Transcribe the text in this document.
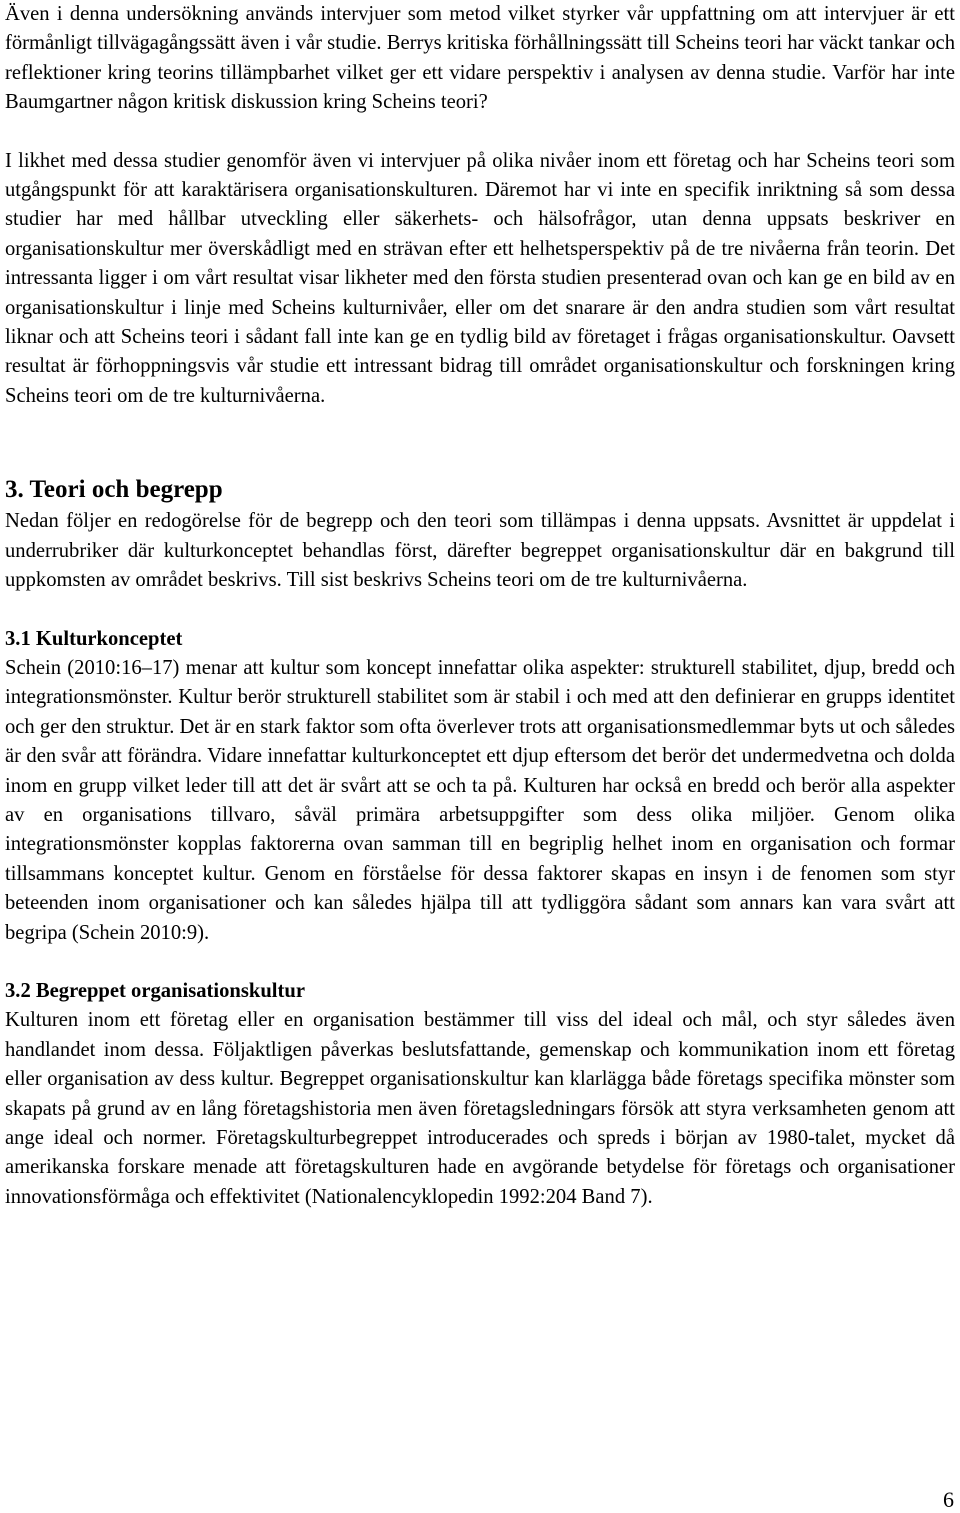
Även i denna undersökning används intervjuer som metod vilket styrker vår uppfattning om att intervjuer är ett förmånligt tillvägagångssätt även i vår studie. Berrys kritiska förhållningssätt till Scheins teori har väckt tankar och reflektioner kring teorins tillämpbarhet vilket ger ett vidare perspektiv i analysen av denna studie. Varför har inte Baumgartner någon kritisk diskussion kring Scheins teori?

I likhet med dessa studier genomför även vi intervjuer på olika nivåer inom ett företag och har Scheins teori som utgångspunkt för att karaktärisera organisationskulturen. Däremot har vi inte en specifik inriktning så som dessa studier har med hållbar utveckling eller säkerhets- och hälsofrågor, utan denna uppsats beskriver en organisationskultur mer överskådligt med en strävan efter ett helhetsperspektiv på de tre nivåerna från teorin. Det intressanta ligger i om vårt resultat visar likheter med den första studien presenterad ovan och kan ge en bild av en organisationskultur i linje med Scheins kulturnivåer, eller om det snarare är den andra studien som vårt resultat liknar och att Scheins teori i sådant fall inte kan ge en tydlig bild av företaget i frågas organisationskultur. Oavsett resultat är förhoppningsvis vår studie ett intressant bidrag till området organisationskultur och forskningen kring Scheins teori om de tre kulturnivåerna.

3. Teori och begrepp

Nedan följer en redogörelse för de begrepp och den teori som tillämpas i denna uppsats. Avsnittet är uppdelat i underrubriker där kulturkonceptet behandlas först, därefter begreppet organisationskultur där en bakgrund till uppkomsten av området beskrivs. Till sist beskrivs Scheins teori om de tre kulturnivåerna.

3.1 Kulturkonceptet

Schein (2010:16–17) menar att kultur som koncept innefattar olika aspekter: strukturell stabilitet, djup, bredd och integrationsmönster. Kultur berör strukturell stabilitet som är stabil i och med att den definierar en grupps identitet och ger den struktur. Det är en stark faktor som ofta överlever trots att organisationsmedlemmar byts ut och således är den svår att förändra. Vidare innefattar kulturkonceptet ett djup eftersom det berör det undermedvetna och dolda inom en grupp vilket leder till att det är svårt att se och ta på. Kulturen har också en bredd och berör alla aspekter av en organisations tillvaro, såväl primära arbetsuppgifter som dess olika miljöer. Genom olika integrationsmönster kopplas faktorerna ovan samman till en begriplig helhet inom en organisation och formar tillsammans konceptet kultur. Genom en förståelse för dessa faktorer skapas en insyn i de fenomen som styr beteenden inom organisationer och kan således hjälpa till att tydliggöra sådant som annars kan vara svårt att begripa (Schein 2010:9).

3.2 Begreppet organisationskultur

Kulturen inom ett företag eller en organisation bestämmer till viss del ideal och mål, och styr således även handlandet inom dessa. Följaktligen påverkas beslutsfattande, gemenskap och kommunikation inom ett företag eller organisation av dess kultur. Begreppet organisationskultur kan klarlägga både företags specifika mönster som skapats på grund av en lång företagshistoria men även företagsledningars försök att styra verksamheten genom att ange ideal och normer. Företagskulturbegreppet introducerades och spreds i början av 1980-talet, mycket då amerikanska forskare menade att företagskulturen hade en avgörande betydelse för företags och organisationer innovationsförmåga och effektivitet (Nationalencyklopedin 1992:204 Band 7).

6
